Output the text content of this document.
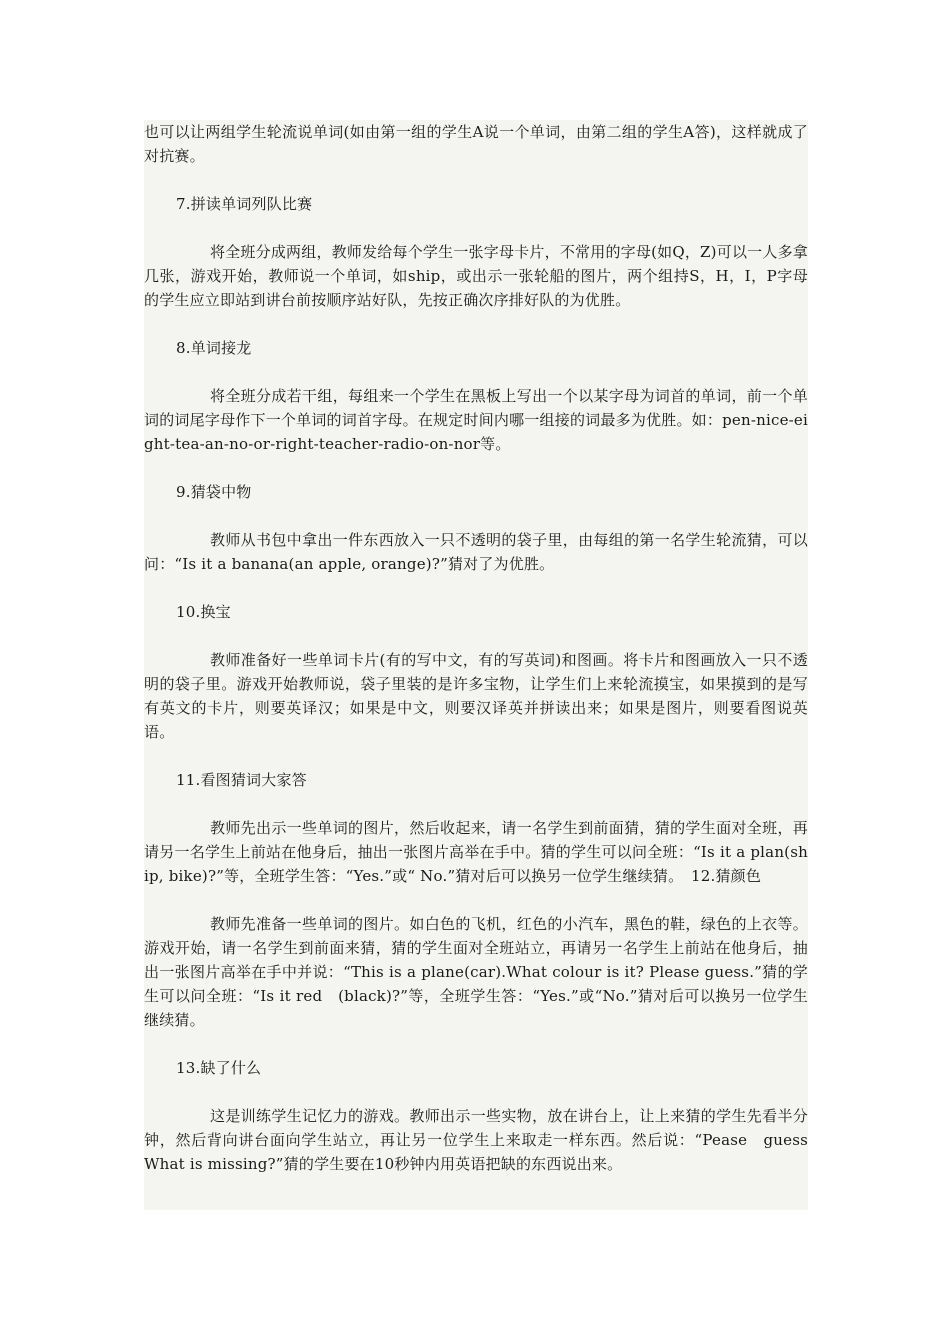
也可以让两组学生轮流说单词(如由第一组的学生A说一个单词，由第二组的学生A答)，这样就成了对抗赛。

7.拼读单词列队比赛

将全班分成两组，教师发给每个学生一张字母卡片，不常用的字母(如Q，Z)可以一人多拿几张，游戏开始，教师说一个单词，如ship，或出示一张轮船的图片，两个组持S，H，I，P字母的学生应立即站到讲台前按顺序站好队，先按正确次序排好队的为优胜。

8.单词接龙

将全班分成若干组，每组来一个学生在黑板上写出一个以某字母为词首的单词，前一个单词的词尾字母作下一个单词的词首字母。在规定时间内哪一组接的词最多为优胜。如：pen-nice-eight-tea-an-no-or-right-teacher-radio-on-nor等。

9.猜袋中物

教师从书包中拿出一件东西放入一只不透明的袋子里，由每组的第一名学生轮流猜，可以问：“Is it a banana(an apple, orange)?”猜对了为优胜。

10.换宝

教师准备好一些单词卡片(有的写中文，有的写英词)和图画。将卡片和图画放入一只不透明的袋子里。游戏开始教师说，袋子里装的是许多宝物，让学生们上来轮流摸宝，如果摸到的是写有英文的卡片，则要英译汉；如果是中文，则要汉译英并拼读出来；如果是图片，则要看图说英语。

11.看图猜词大家答

教师先出示一些单词的图片，然后收起来，请一名学生到前面猜，猜的学生面对全班，再请另一名学生上前站在他身后，抽出一张图片高举在手中。猜的学生可以问全班：“Is it a plan(ship, bike)?”等，全班学生答：“Yes.”或“ No.”猜对后可以换另一位学生继续猜。　12.猜颜色

教师先准备一些单词的图片。如白色的飞机，红色的小汽车，黑色的鞋，绿色的上衣等。游戏开始，请一名学生到前面来猜，猜的学生面对全班站立，再请另一名学生上前站在他身后，抽出一张图片高举在手中并说：“This is a plane(car).What colour is it? Please guess.”猜的学生可以问全班：“Is it red　(black)?”等，全班学生答：“Yes.”或“No.”猜对后可以换另一位学生继续猜。

13.缺了什么

这是训练学生记忆力的游戏。教师出示一些实物，放在讲台上，让上来猜的学生先看半分钟，然后背向讲台面向学生站立，再让另一位学生上来取走一样东西。然后说：“Pease　guess What is missing?”猜的学生要在10秒钟内用英语把缺的东西说出来。
